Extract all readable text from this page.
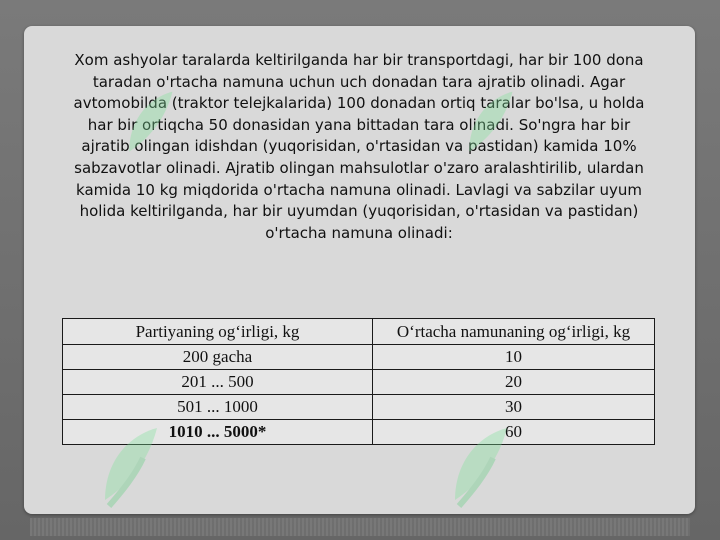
Xom ashyolar taralarda keltirilganda har bir transportdagi, har bir 100 dona taradan o'rtacha namuna uchun uch donadan tara ajratib olinadi. Agar avtomobilda (traktor telejkalarida) 100 donadan ortiq taralar bo'lsa, u holda har bir ortiqcha 50 donasidan yana bittadan tara olinadi. So'ngra har bir ajratib olingan idishdan (yuqorisidan, o'rtasidan va pastidan) kamida 10% sabzavotlar olinadi. Ajratib olingan mahsulotlar o'zaro aralashtirilib, ulardan kamida 10 kg miqdorida o'rtacha namuna olinadi. Lavlagi va sabzilar uyum holida keltirilganda, har bir uyumdan (yuqorisidan, o'rtasidan va pastidan) o'rtacha namuna olinadi:

Partiyaning og‘irligi, kg	O‘rtacha namunaning og‘irligi, kg
200 gacha	10
201 ... 500	20
501 ... 1000	30
1010 ... 5000*	60
